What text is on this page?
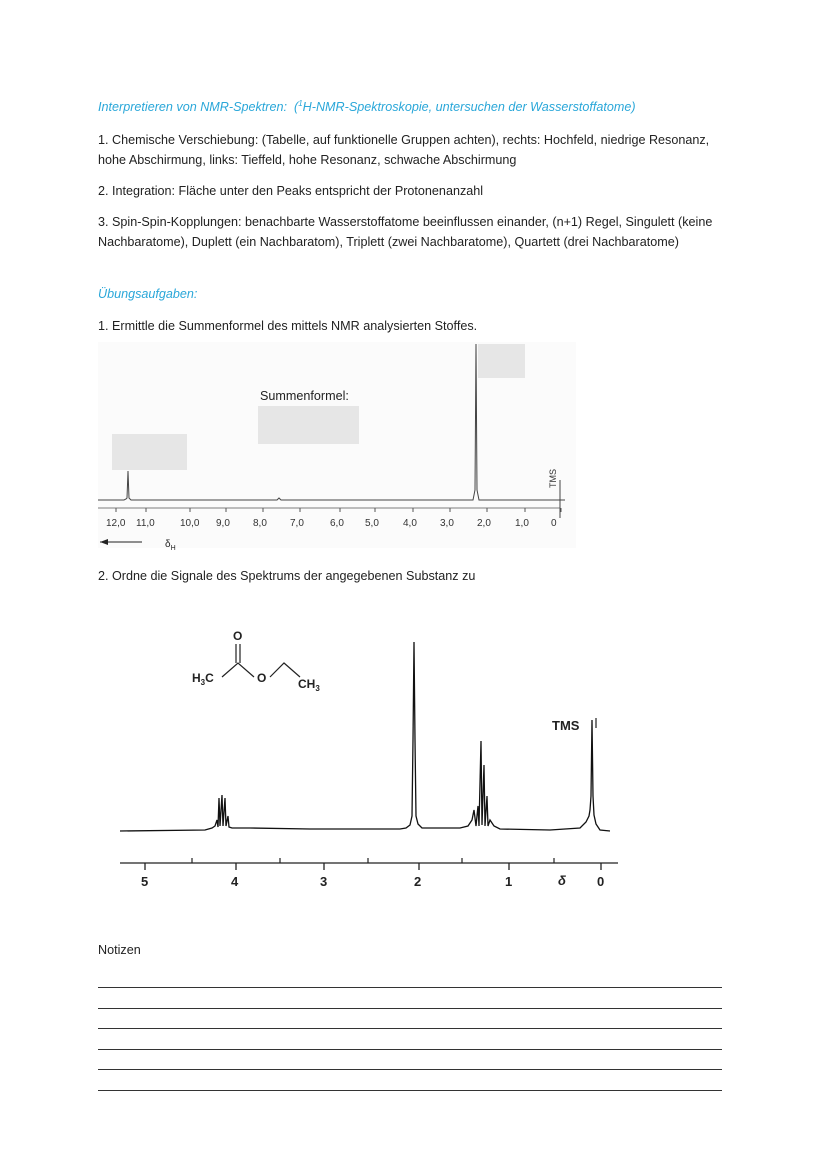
Interpretieren von NMR-Spektren: ($^1$H-NMR-Spektroskopie, untersuchen der Wasserstoffatome)
1. Chemische Verschiebung: (Tabelle, auf funktionelle Gruppen achten), rechts: Hochfeld, niedrige Resonanz, hohe Abschirmung, links: Tieffeld, hohe Resonanz, schwache Abschirmung
2. Integration: Fläche unter den Peaks entspricht der Protonenanzahl
3. Spin-Spin-Kopplungen: benachbarte Wasserstoffatome beeinflussen einander, (n+1) Regel, Singulett (keine Nachbaratome), Duplett (ein Nachbaratom), Triplett (zwei Nachbaratome), Quartett (drei Nachbaratome)
Übungsaufgaben:
1. Ermittle die Summenformel des mittels NMR analysierten Stoffes.
Summenformel:
TMS
12,0 11,0	10,0 9,0 8,0 7,0	6,0 5,0 4,0 3,0 2,0 1,0 0
$\delta_H$
2. Ordne die Signale des Spektrums der angegebenen Substanz zu
O
$H_3C$	O	$CH_3$
TMS
5	4	3	2	1	0
δ
Notizen
